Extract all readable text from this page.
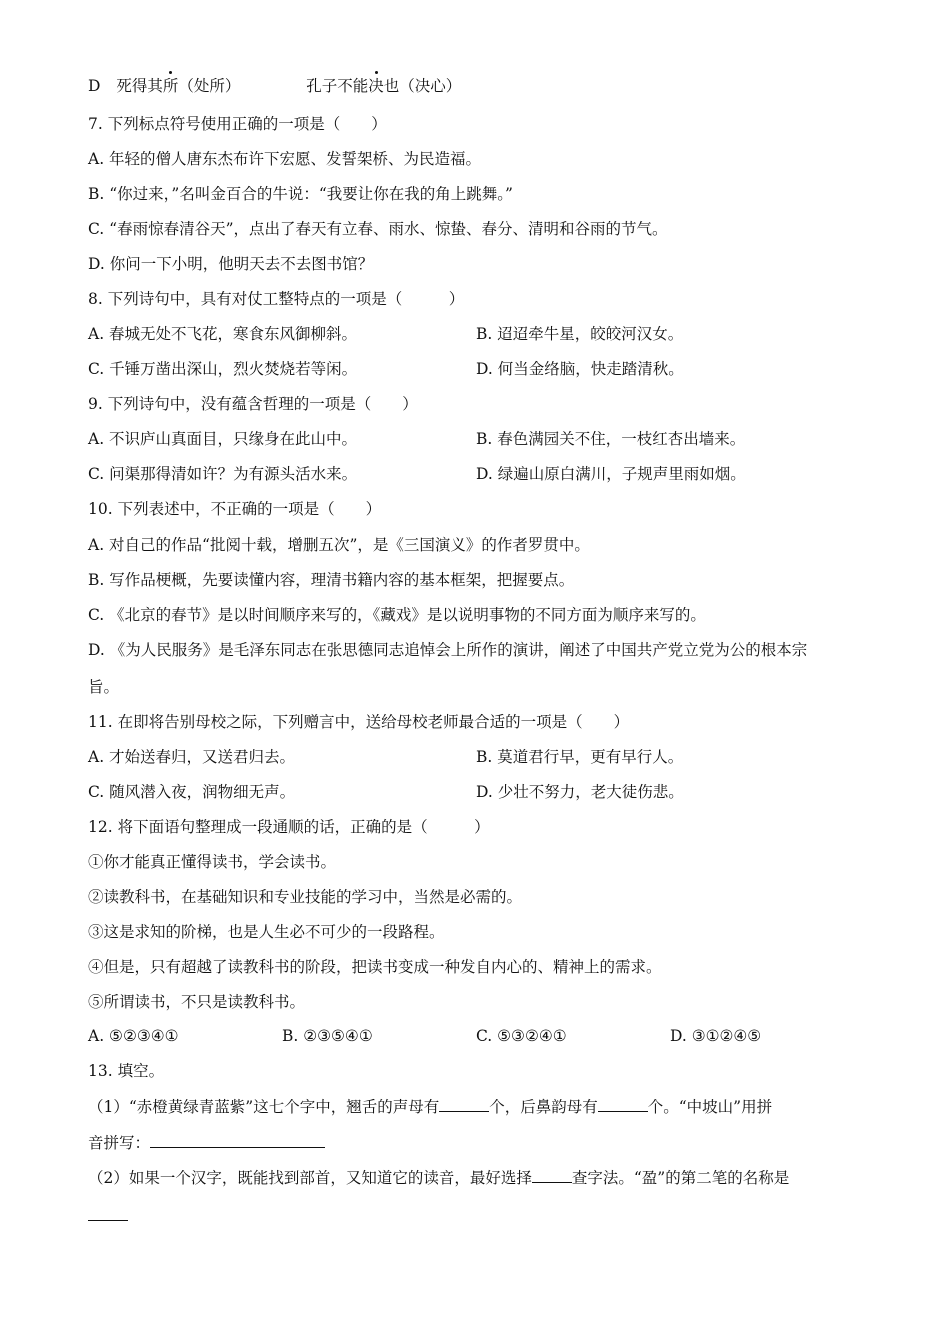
D 死得其所（处所）	孔子不能决也（决心）
7. 下列标点符号使用正确的一项是（　　）
A. 年轻的僧人唐东杰布许下宏愿、发誓架桥、为民造福。
B. “你过来，”名叫金百合的牛说：“我要让你在我的角上跳舞。”
C. “春雨惊春清谷天”，点出了春天有立春、雨水、惊蛰、春分、清明和谷雨的节气。
D. 你问一下小明，他明天去不去图书馆？
8. 下列诗句中，具有对仗工整特点的一项是（　　　）
A. 春城无处不飞花，寒食东风御柳斜。	B. 迢迢牵牛星，皎皎河汉女。
C. 千锤万凿出深山，烈火焚烧若等闲。	D. 何当金络脑，快走踏清秋。
9. 下列诗句中，没有蕴含哲理的一项是（　　）
A. 不识庐山真面目，只缘身在此山中。	B. 春色满园关不住，一枝红杏出墙来。
C. 问渠那得清如许？为有源头活水来。	D. 绿遍山原白满川，子规声里雨如烟。
10. 下列表述中，不正确的一项是（　　）
A. 对自己的作品“批阅十载，增删五次”，是《三国演义》的作者罗贯中。
B. 写作品梗概，先要读懂内容，理清书籍内容的基本框架，把握要点。
C. 《北京的春节》是以时间顺序来写的，《藏戏》是以说明事物的不同方面为顺序来写的。
D. 《为人民服务》是毛泽东同志在张思德同志追悼会上所作的演讲，阐述了中国共产党立党为公的根本宗
旨。
11. 在即将告别母校之际，下列赠言中，送给母校老师最合适的一项是（　　）
A. 才始送春归，又送君归去。	B. 莫道君行早，更有早行人。
C. 随风潜入夜，润物细无声。	D. 少壮不努力，老大徒伤悲。
12. 将下面语句整理成一段通顺的话，正确的是（　　　）
①你才能真正懂得读书，学会读书。
②读教科书，在基础知识和专业技能的学习中，当然是必需的。
③这是求知的阶梯，也是人生必不可少的一段路程。
④但是，只有超越了读教科书的阶段，把读书变成一种发自内心的、精神上的需求。
⑤所谓读书，不只是读教科书。
A. ⑤②③④①	B. ②③⑤④①	C. ⑤③②④①	D. ③①②④⑤
13. 填空。
（1）“赤橙黄绿青蓝紫”这七个字中，翘舌的声母有	个，后鼻韵母有	个。“中坡山”用拼
音拼写：
（2）如果一个汉字，既能找到部首，又知道它的读音，最好选择	查字法。“盈”的第二笔的名称是
